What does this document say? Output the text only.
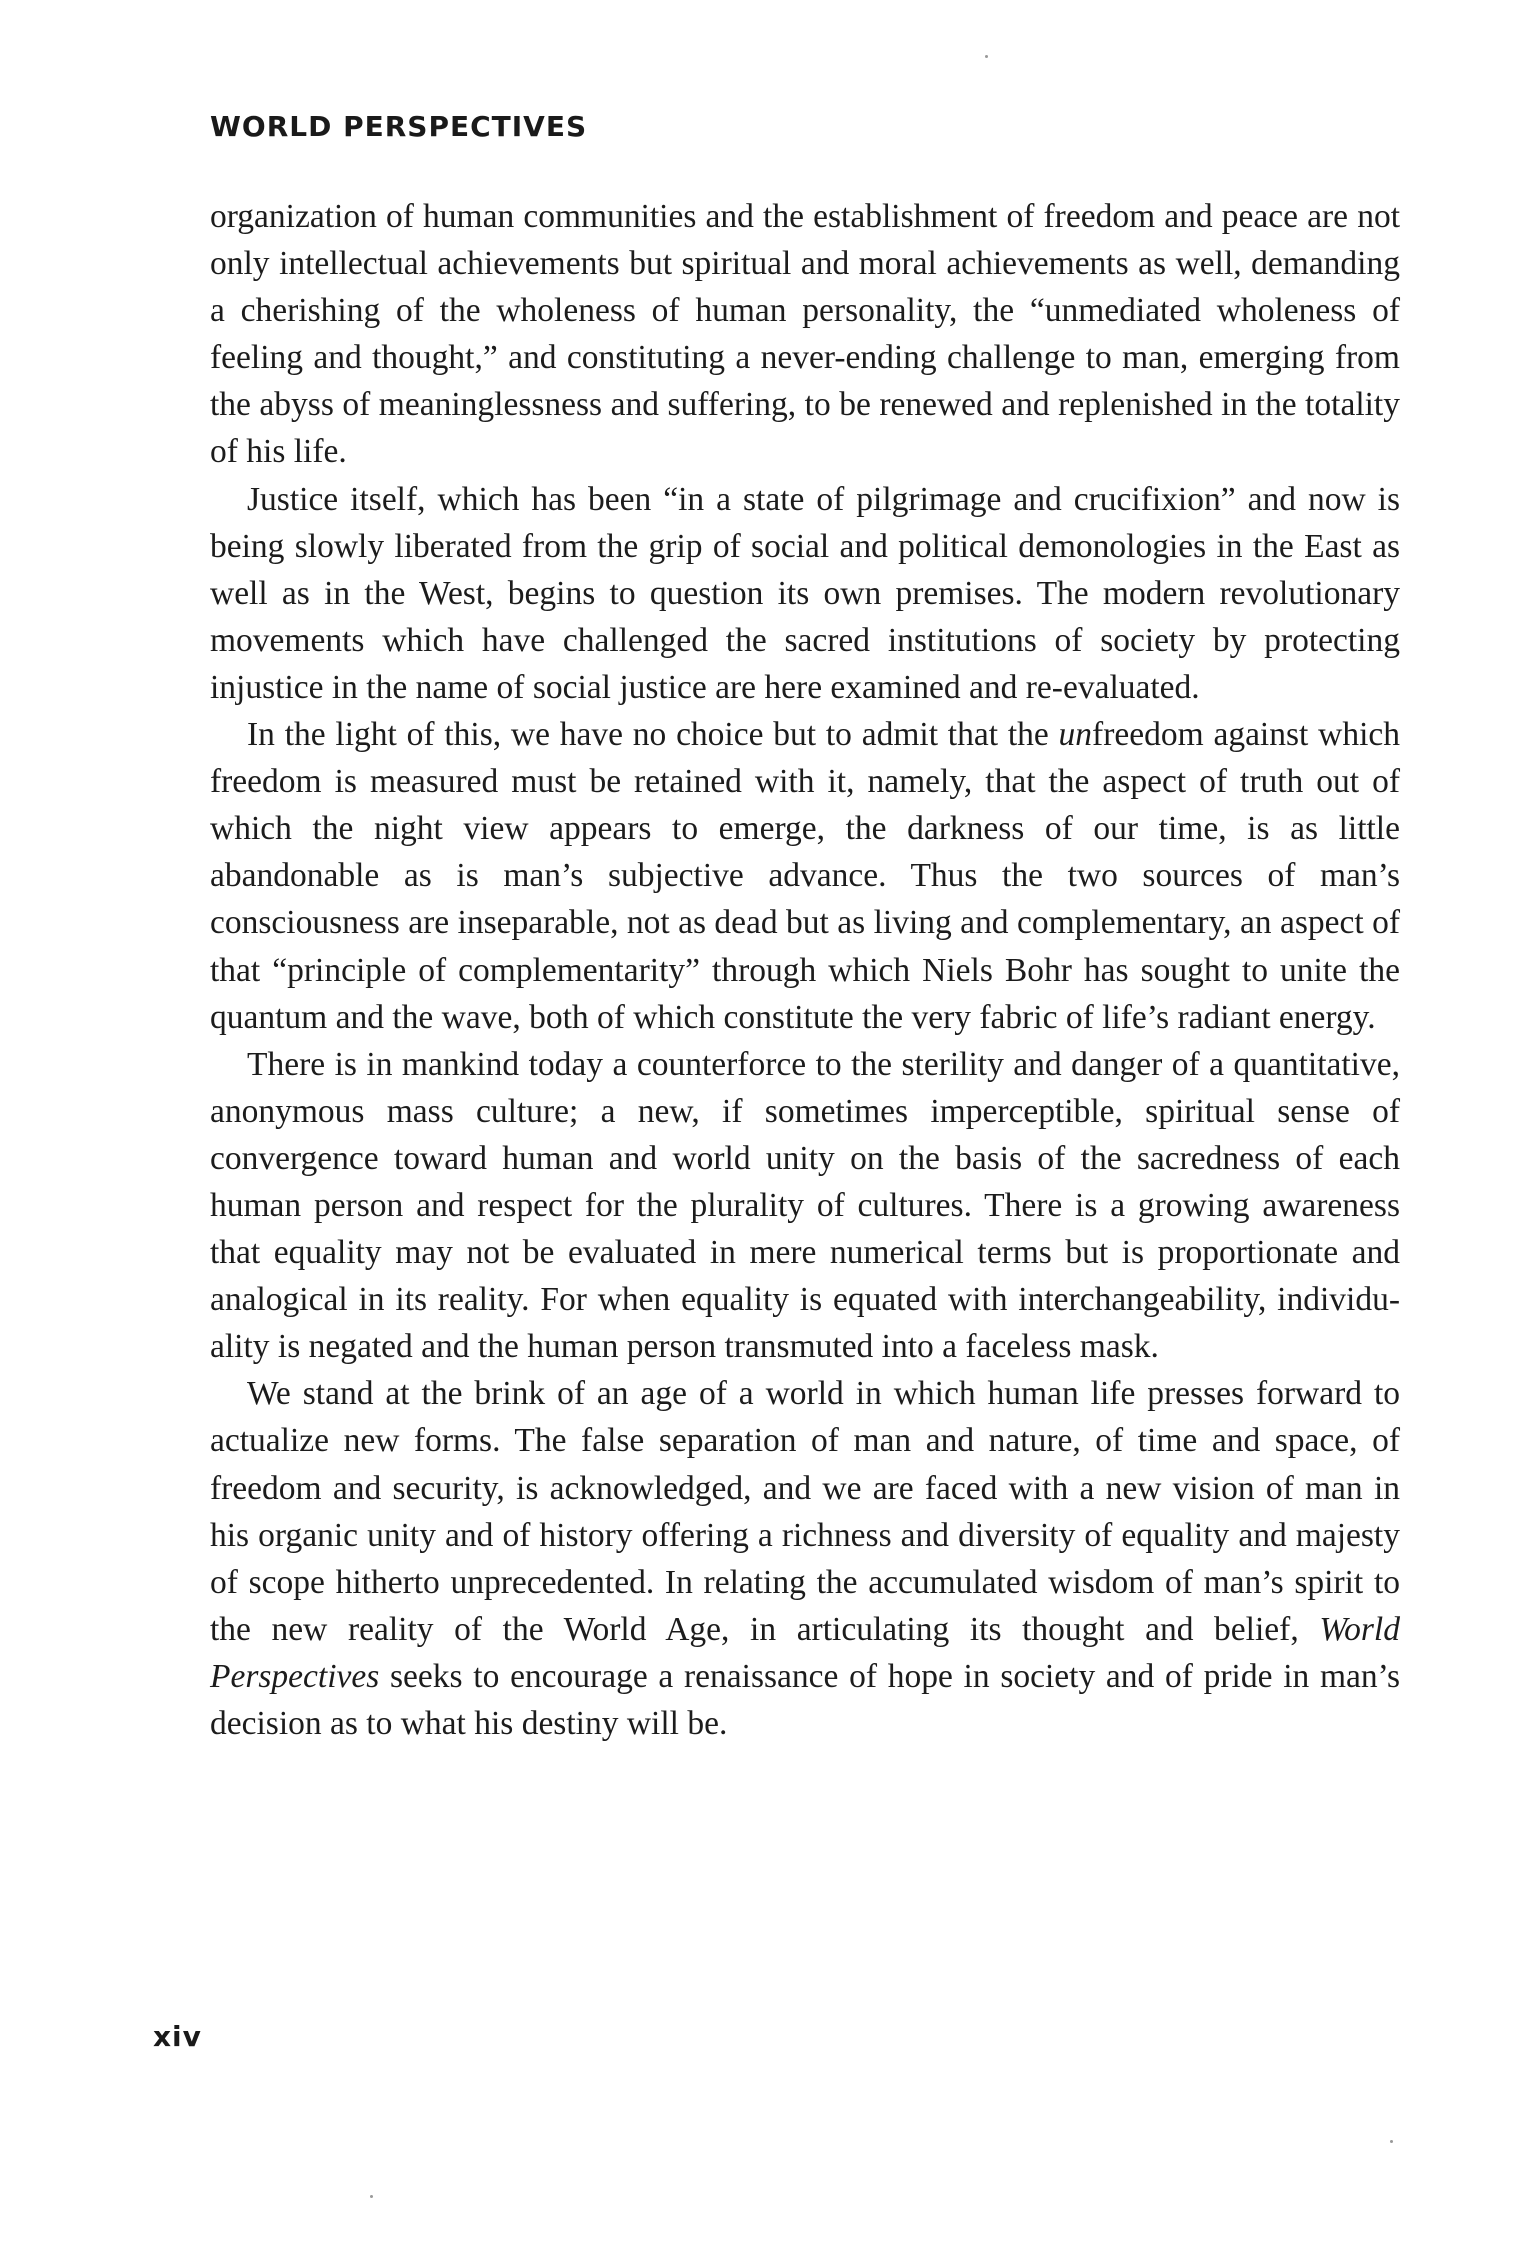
WORLD PERSPECTIVES

organization of human communities and the establishment of freedom and peace are not only intellectual achievements but spiritual and moral achievements as well, demanding a cherishing of the wholeness of human personality, the “unmediated wholeness of feeling and thought,” and constituting a never-ending challenge to man, emerging from the abyss of meaninglessness and suffering, to be renewed and replenished in the totality of his life.

Justice itself, which has been “in a state of pilgrimage and crucifixion” and now is being slowly liberated from the grip of social and political demonologies in the East as well as in the West, begins to question its own premises. The modern revolutionary movements which have challenged the sacred institutions of society by protecting injustice in the name of social justice are here examined and re-evaluated.

In the light of this, we have no choice but to admit that the unfreedom against which freedom is measured must be retained with it, namely, that the aspect of truth out of which the night view appears to emerge, the darkness of our time, is as little abandonable as is man’s subjective advance. Thus the two sources of man’s consciousness are inseparable, not as dead but as living and complementary, an aspect of that “principle of complementarity” through which Niels Bohr has sought to unite the quantum and the wave, both of which constitute the very fabric of life’s radiant energy.

There is in mankind today a counterforce to the sterility and danger of a quantitative, anonymous mass culture; a new, if sometimes imperceptible, spiritual sense of convergence toward human and world unity on the basis of the sacredness of each human person and respect for the plurality of cultures. There is a growing awareness that equality may not be evaluated in mere numerical terms but is proportionate and analogical in its reality. For when equality is equated with interchangeability, individuality is negated and the human person transmuted into a faceless mask.

We stand at the brink of an age of a world in which human life presses forward to actualize new forms. The false separation of man and nature, of time and space, of freedom and security, is acknowledged, and we are faced with a new vision of man in his organic unity and of history offering a richness and diversity of equality and majesty of scope hitherto unprecedented. In relating the accumulated wisdom of man’s spirit to the new reality of the World Age, in articulating its thought and belief, World Perspectives seeks to encourage a renaissance of hope in society and of pride in man’s decision as to what his destiny will be.

xiv
